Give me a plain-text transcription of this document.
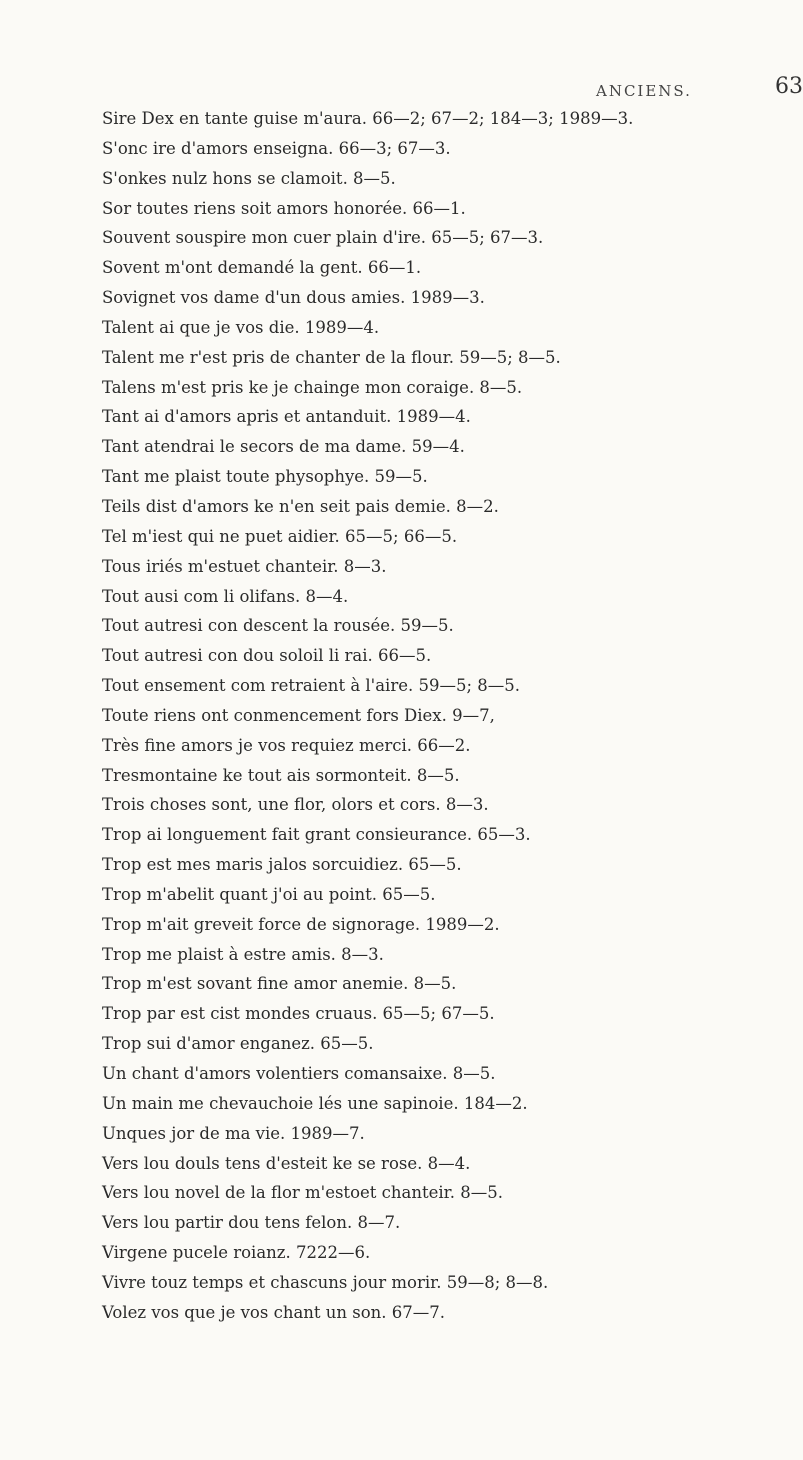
ANCIENS.	63
Sire Dex en tante guise m'aura. 66—2; 67—2; 184—3; 1989—3.
S'onc ire d'amors enseigna. 66—3; 67—3.
S'onkes nulz hons se clamoit. 8—5.
Sor toutes riens soit amors honorée. 66—1.
Souvent souspire mon cuer plain d'ire. 65—5; 67—3.
Sovent m'ont demandé la gent. 66—1.
Sovignet vos dame d'un dous amies. 1989—3.
Talent ai que je vos die. 1989—4.
Talent me r'est pris de chanter de la flour. 59—5; 8—5.
Talens m'est pris ke je chainge mon coraige. 8—5.
Tant ai d'amors apris et antanduit. 1989—4.
Tant atendrai le secors de ma dame. 59—4.
Tant me plaist toute physophye. 59—5.
Teils dist d'amors ke n'en seit pais demie. 8—2.
Tel m'iest qui ne puet aidier. 65—5; 66—5.
Tous iriés m'estuet chanteir. 8—3.
Tout ausi com li olifans. 8—4.
Tout autresi con descent la rousée. 59—5.
Tout autresi con dou soloil li rai. 66—5.
Tout ensement com retraient à l'aire. 59—5; 8—5.
Toute riens ont conmencement fors Diex. 9—7,
Très fine amors je vos requiez merci. 66—2.
Tresmontaine ke tout ais sormonteit. 8—5.
Trois choses sont, une flor, olors et cors. 8—3.
Trop ai longuement fait grant consieurance. 65—3.
Trop est mes maris jalos sorcuidiez. 65—5.
Trop m'abelit quant j'oi au point. 65—5.
Trop m'ait greveit force de signorage. 1989—2.
Trop me plaist à estre amis. 8—3.
Trop m'est sovant fine amor anemie. 8—5.
Trop par est cist mondes cruaus. 65—5; 67—5.
Trop sui d'amor enganez. 65—5.
Un chant d'amors volentiers comansaixe. 8—5.
Un main me chevauchoie lés une sapinoie. 184—2.
Unques jor de ma vie. 1989—7.
Vers lou douls tens d'esteit ke se rose. 8—4.
Vers lou novel de la flor m'estoet chanteir. 8—5.
Vers lou partir dou tens felon. 8—7.
Virgene pucele roianz. 7222—6.
Vivre touz temps et chascuns jour morir. 59—8; 8—8.
Volez vos que je vos chant un son. 67—7.
